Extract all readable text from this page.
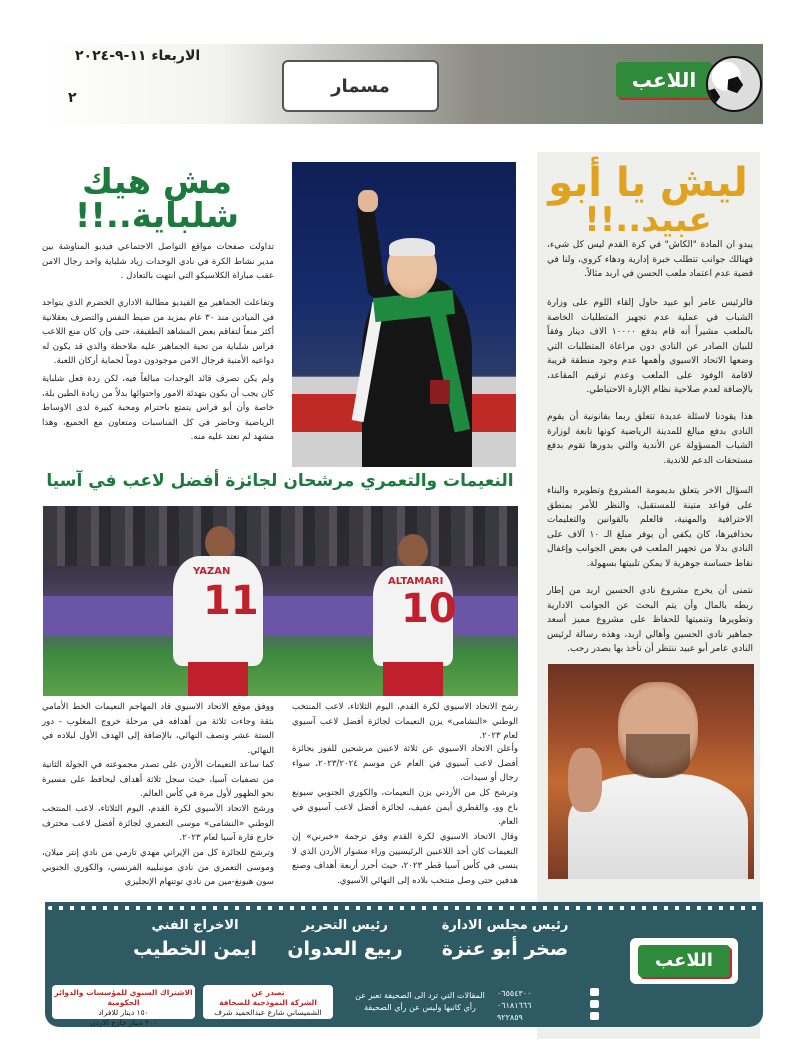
الاربعاء ١١-٩-٢٠٢٤
٢
مسمار	اللاعب
ليش يا أبو
عبيد..!!

يبدو ان المادة "الكاش" في كرة القدم ليس كل شيء، فهنالك جوانب تتطلب خبرة إدارية ودهاء كروي، ولنا في قضية عدم اعتماد ملعب الحسن في اربد مثالاً.

فالرئيس عامر أبو عبيد حاول إلقاء اللوم على وزارة الشباب في عملية عدم تجهيز المتطلبات الخاصة بالملعب مشيراً أنه قام بدفع ١٠٠٠٠ الاف دينار وفقاً للبيان الصادر عن النادي دون مراعاة المتطلبات التي وضعها الاتحاد الاسيوي وأهمها عدم وجود منطقة قريبة لاقامة الوفود على الملعب وعدم ترقيم المقاعد، بالإضافة لعدم صلاحية نظام الإنارة الاحتياطي.

هذا يقودنا لاسئلة عديدة تتعلق ربما بقانونية أن يقوم النادي بدفع مبالغ للمدينة الرياضية كونها تابعة لوزارة الشباب المسؤولة عن الأندية والتي بدورها تقوم بدفع مستحقات الدعم للاندية.

السؤال الاخر يتعلق بديمومة المشروع وتطويره والبناء على قواعد متينة للمستقبل، والنظر للأمر بمنطق الاحترافية والمهنية، فالعلم بالقوانين والتعليمات بحذافيرها، كان يكفي أن يوفر مبلغ الـ ١٠ آلاف على النادي بدلا من تجهيز الملعب في بعض الجوانب وإغفال نقاط حساسة جوهرية لا يمكن تلبيتها بسهولة.

نتمنى أن يخرج مشروع نادي الحسين اربد من إطار ربطه بالمال وأن يتم البحث عن الجوانب الادارية وتطويرها وتنميتها للحفاظ على مشروع مميز أسعد جماهير نادي الحسين وأهالي اربد، وهذه رسالة لرئيس النادي عامر أبو عبيد ننتظر أن تأخذ بها بصدر رحب.

مش هيك
شلباية..!!

تداولت صفحات مواقع التواصل الاجتماعي فيديو المناوشة بين مدير نشاط الكرة في نادي الوحدات زياد شلباية واحد رجال الامن عقب مباراة الكلاسيكو التي انتهت بالتعادل .

وتفاعلت الجماهير مع الفيديو مطالبة الاداري الخضرم الذي يتواجد في الميادين منذ ٣٠ عام بمزيد من ضبط النفس والتصرف بعقلانية أكثر منعاً لتفاقم بعض المشاهد الطفيفة، حتى وإن كان منع اللاعب فراس شلباية من تحية الجماهير عليه ملاحظة والذي قد يكون له دواعيه الأمنية فرجال الامن موجودون دوماً لحماية أركان اللعبة.

ولم يكن تصرف قائد الوحدات مبالغاً فيه، لكن ردة فعل شلباية كان يجب أن يكون بتهدئة الامور واحتوائها بدلاً من زيادة الطين بلة، خاصة وأن أبو فراس يتمتع باحترام ومحبة كبيرة لدى الاوساط الرياضية وحاضر في كل المناسبات ومتعاون مع الجميع، وهذا مشهد لم نعتد عليه منه.

النعيمات والتعمري مرشحان لجائزة أفضل لاعب في آسيا
YAZAN
11	ALTAMARI
10

رشح الاتحاد الاسيوي لكرة القدم، اليوم الثلاثاء، لاعب المنتخب الوطني «النشامى» يزن النعيمات لجائزة أفضل لاعب آسيوي لعام ٢٠٢٣.

وأعلن الاتحاد الاسيوي عن ثلاثة لاعبين مرشحين للفوز بجائزة أفضل لاعب آسيوي في العام عن موسم ٢٠٢٣/٢٠٢٤، سواء رجال أو سيدات.

وترشح كل من الأردني يزن النعيمات، والكوري الجنوبي سيونغ باخ وو، والقطري أيمن عفيف، لجائزة أفضل لاعب آسيوي في العام.

وقال الاتحاد الاسيوي لكرة القدم وفق ترجمة «خبرني» إن النعيمات كان أحد اللاعبين الرئيسيين وراء مشوار الأردن الذي لا ينسى في كأس آسيا قطر ٢٠٢٣، حيث أحرز أربعة أهداف وصنع هدفين حتى وصل منتخب بلاده إلى النهائي الآسيوي.

ووفق موقع الاتحاد الاسيوي قاد المهاجم النعيمات الخط الأمامي بثقة وجاءت ثلاثة من أهدافه في مرحلة خروج المغلوب - دور الستة عشر ونصف النهائي، بالإضافة إلى الهدف الأول لبلاده في النهائي.

كما ساعد النعيمات الأردن على تصدر مجموعته في الجولة الثانية من تصفيات آسيا، حيث سجل ثلاثة أهداف ليحافظ على مسيرة نحو الظهور لأول مرة في كأس العالم.

ورشح الاتحاد الآسيوي لكرة القدم، اليوم الثلاثاء، لاعب المنتخب الوطني «النشامى» موسى التعمري لجائزة أفضل لاعب محترف خارج قارة آسيا لعام ٢٠٢٣.

وترشح للجائزة كل من الإيراني مهدي تارمي من نادي إنتر ميلان، وموسى التعمري من نادي مونبلييه الفرنسي، والكوري الجنوبي سون هيونغ-مين من نادي توتنهام الإنجليزي

رئيس مجلس الادارة
صخر أبو عنزة
رئيس التحرير
ربيع العدوان
الاخراج الفني
ايمن الخطيب
اللاعب
٠٦٥٥٤٣٠٠
٠٦١٨١٦٦٦
٩٢٢٨٥٩
المقالات التي ترد الى الصحيفة تعبر عن رأي كاتبها وليس عن رأي الصحيفة
تصدر عن
الشركة النموذجية للصحافة
الشميساني شارع عبدالحميد شرف
الاشتراك السنوي للمؤسسات والدوائر الحكومية
١٥٠ دينار للافراد
٢٠٠ دينار خارج الاردن
